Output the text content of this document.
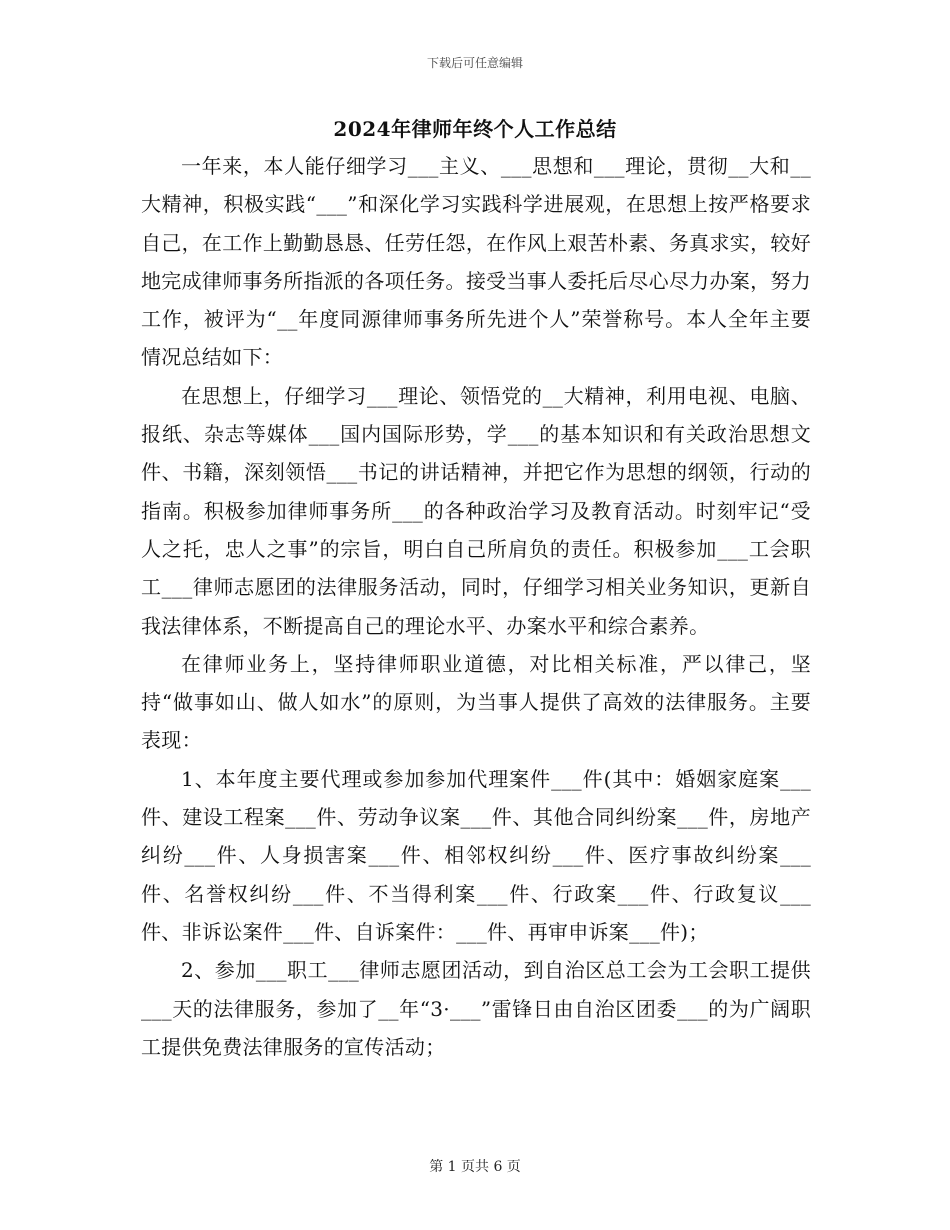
下载后可任意编辑
2024年律师年终个人工作总结

一年来，本人能仔细学习___主义、___思想和___理论，贯彻__大和__大精神，积极实践“___”和深化学习实践科学进展观，在思想上按严格要求自己，在工作上勤勤恳恳、任劳任怨，在作风上艰苦朴素、务真求实，较好地完成律师事务所指派的各项任务。接受当事人委托后尽心尽力办案，努力工作，被评为“__年度同源律师事务所先进个人”荣誉称号。本人全年主要情况总结如下：

在思想上，仔细学习___理论、领悟党的__大精神，利用电视、电脑、报纸、杂志等媒体___国内国际形势，学___的基本知识和有关政治思想文件、书籍，深刻领悟___书记的讲话精神，并把它作为思想的纲领，行动的指南。积极参加律师事务所___的各种政治学习及教育活动。时刻牢记“受人之托，忠人之事”的宗旨，明白自己所肩负的责任。积极参加___工会职工___律师志愿团的法律服务活动，同时，仔细学习相关业务知识，更新自我法律体系，不断提高自己的理论水平、办案水平和综合素养。

在律师业务上，坚持律师职业道德，对比相关标准，严以律己，坚持“做事如山、做人如水”的原则，为当事人提供了高效的法律服务。主要表现：

1、本年度主要代理或参加参加代理案件___件(其中：婚姻家庭案___件、建设工程案___件、劳动争议案___件、其他合同纠纷案___件，房地产纠纷___件、人身损害案___件、相邻权纠纷___件、医疗事故纠纷案___件、名誉权纠纷___件、不当得利案___件、行政案___件、行政复议___件、非诉讼案件___件、自诉案件：___件、再审申诉案___件)；

2、参加___职工___律师志愿团活动，到自治区总工会为工会职工提供___天的法律服务，参加了__年“3·___”雷锋日由自治区团委___的为广阔职工提供免费法律服务的宣传活动；

第 1 页共 6 页
